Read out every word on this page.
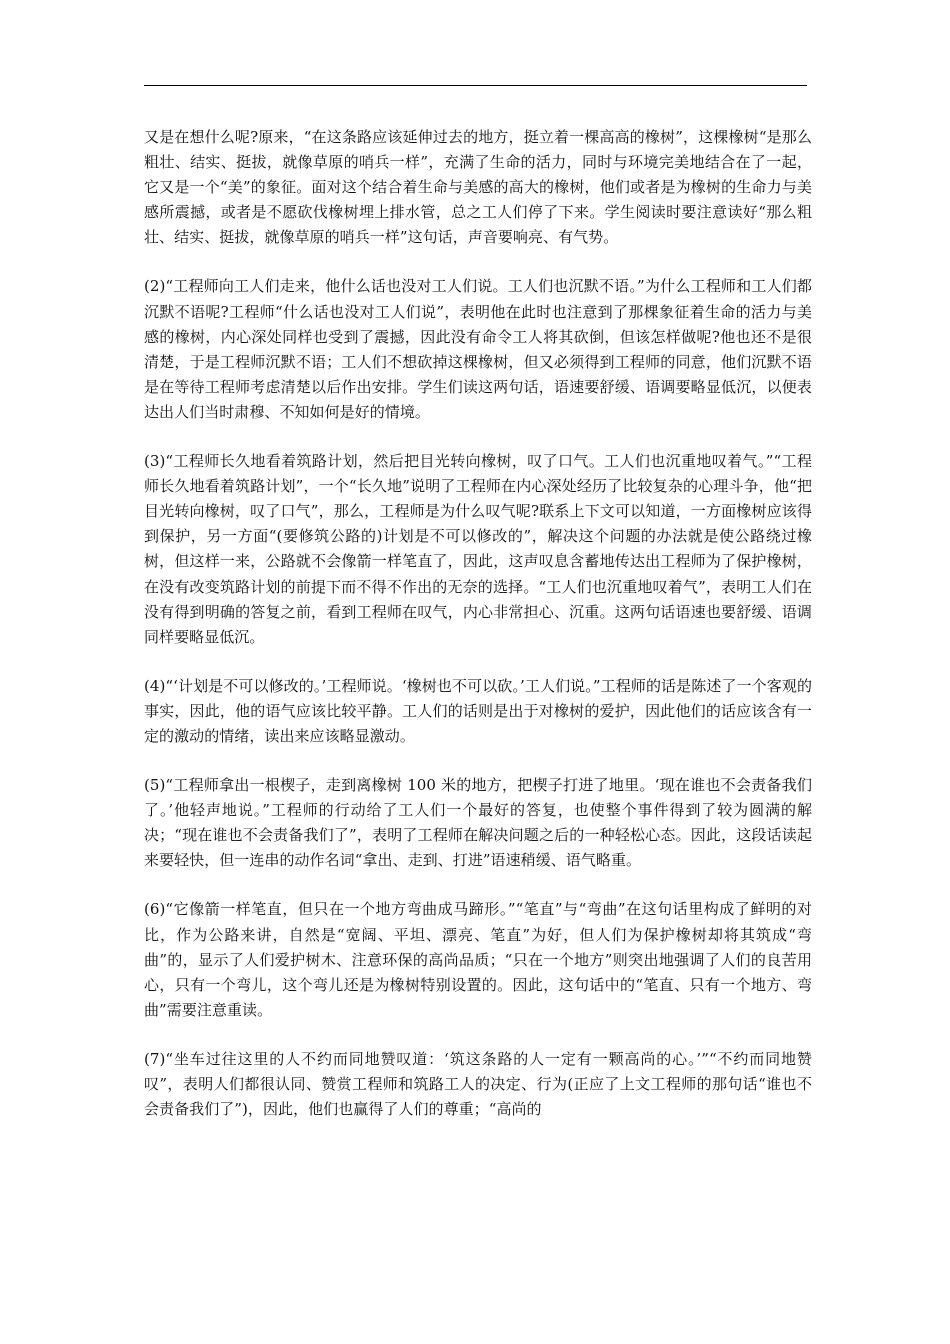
又是在想什么呢?原来，“在这条路应该延伸过去的地方，挺立着一棵高高的橡树”，这棵橡树“是那么粗壮、结实、挺拔，就像草原的哨兵一样”，充满了生命的活力，同时与环境完美地结合在了一起，它又是一个“美”的象征。面对这个结合着生命与美感的高大的橡树，他们或者是为橡树的生命力与美感所震撼，或者是不愿砍伐橡树埋上排水管，总之工人们停了下来。学生阅读时要注意读好“那么粗壮、结实、挺拔，就像草原的哨兵一样”这句话，声音要响亮、有气势。

(2)“工程师向工人们走来，他什么话也没对工人们说。工人们也沉默不语。”为什么工程师和工人们都沉默不语呢?工程师“什么话也没对工人们说”，表明他在此时也注意到了那棵象征着生命的活力与美感的橡树，内心深处同样也受到了震撼，因此没有命令工人将其砍倒，但该怎样做呢?他也还不是很清楚，于是工程师沉默不语；工人们不想砍掉这棵橡树，但又必须得到工程师的同意，他们沉默不语是在等待工程师考虑清楚以后作出安排。学生们读这两句话，语速要舒缓、语调要略显低沉，以便表达出人们当时肃穆、不知如何是好的情境。

(3)“工程师长久地看着筑路计划，然后把目光转向橡树，叹了口气。工人们也沉重地叹着气。”“工程师长久地看着筑路计划”，一个“长久地”说明了工程师在内心深处经历了比较复杂的心理斗争，他“把目光转向橡树，叹了口气”，那么，工程师是为什么叹气呢?联系上下文可以知道，一方面橡树应该得到保护，另一方面“(要修筑公路的)计划是不可以修改的”，解决这个问题的办法就是使公路绕过橡树，但这样一来，公路就不会像箭一样笔直了，因此，这声叹息含蓄地传达出工程师为了保护橡树，在没有改变筑路计划的前提下而不得不作出的无奈的选择。“工人们也沉重地叹着气”，表明工人们在没有得到明确的答复之前，看到工程师在叹气，内心非常担心、沉重。这两句话语速也要舒缓、语调同样要略显低沉。

(4)“‘计划是不可以修改的。’工程师说。‘橡树也不可以砍。’工人们说。”工程师的话是陈述了一个客观的事实，因此，他的语气应该比较平静。工人们的话则是出于对橡树的爱护，因此他们的话应该含有一定的激动的情绪，读出来应该略显激动。

(5)“工程师拿出一根楔子，走到离橡树 100 米的地方，把楔子打进了地里。‘现在谁也不会责备我们了。’他轻声地说。”工程师的行动给了工人们一个最好的答复，也使整个事件得到了较为圆满的解决；“现在谁也不会责备我们了”，表明了工程师在解决问题之后的一种轻松心态。因此，这段话读起来要轻快，但一连串的动作名词“拿出、走到、打进”语速稍缓、语气略重。

(6)“它像箭一样笔直，但只在一个地方弯曲成马蹄形。”“笔直”与“弯曲”在这句话里构成了鲜明的对比，作为公路来讲，自然是“宽阔、平坦、漂亮、笔直”为好，但人们为保护橡树却将其筑成“弯曲”的，显示了人们爱护树木、注意环保的高尚品质；“只在一个地方”则突出地强调了人们的良苦用心，只有一个弯儿，这个弯儿还是为橡树特别设置的。因此，这句话中的“笔直、只有一个地方、弯曲”需要注意重读。

(7)“坐车过往这里的人不约而同地赞叹道：‘筑这条路的人一定有一颗高尚的心。’”“不约而同地赞叹”，表明人们都很认同、赞赏工程师和筑路工人的决定、行为(正应了上文工程师的那句话“谁也不会责备我们了”)，因此，他们也赢得了人们的尊重；“高尚的
